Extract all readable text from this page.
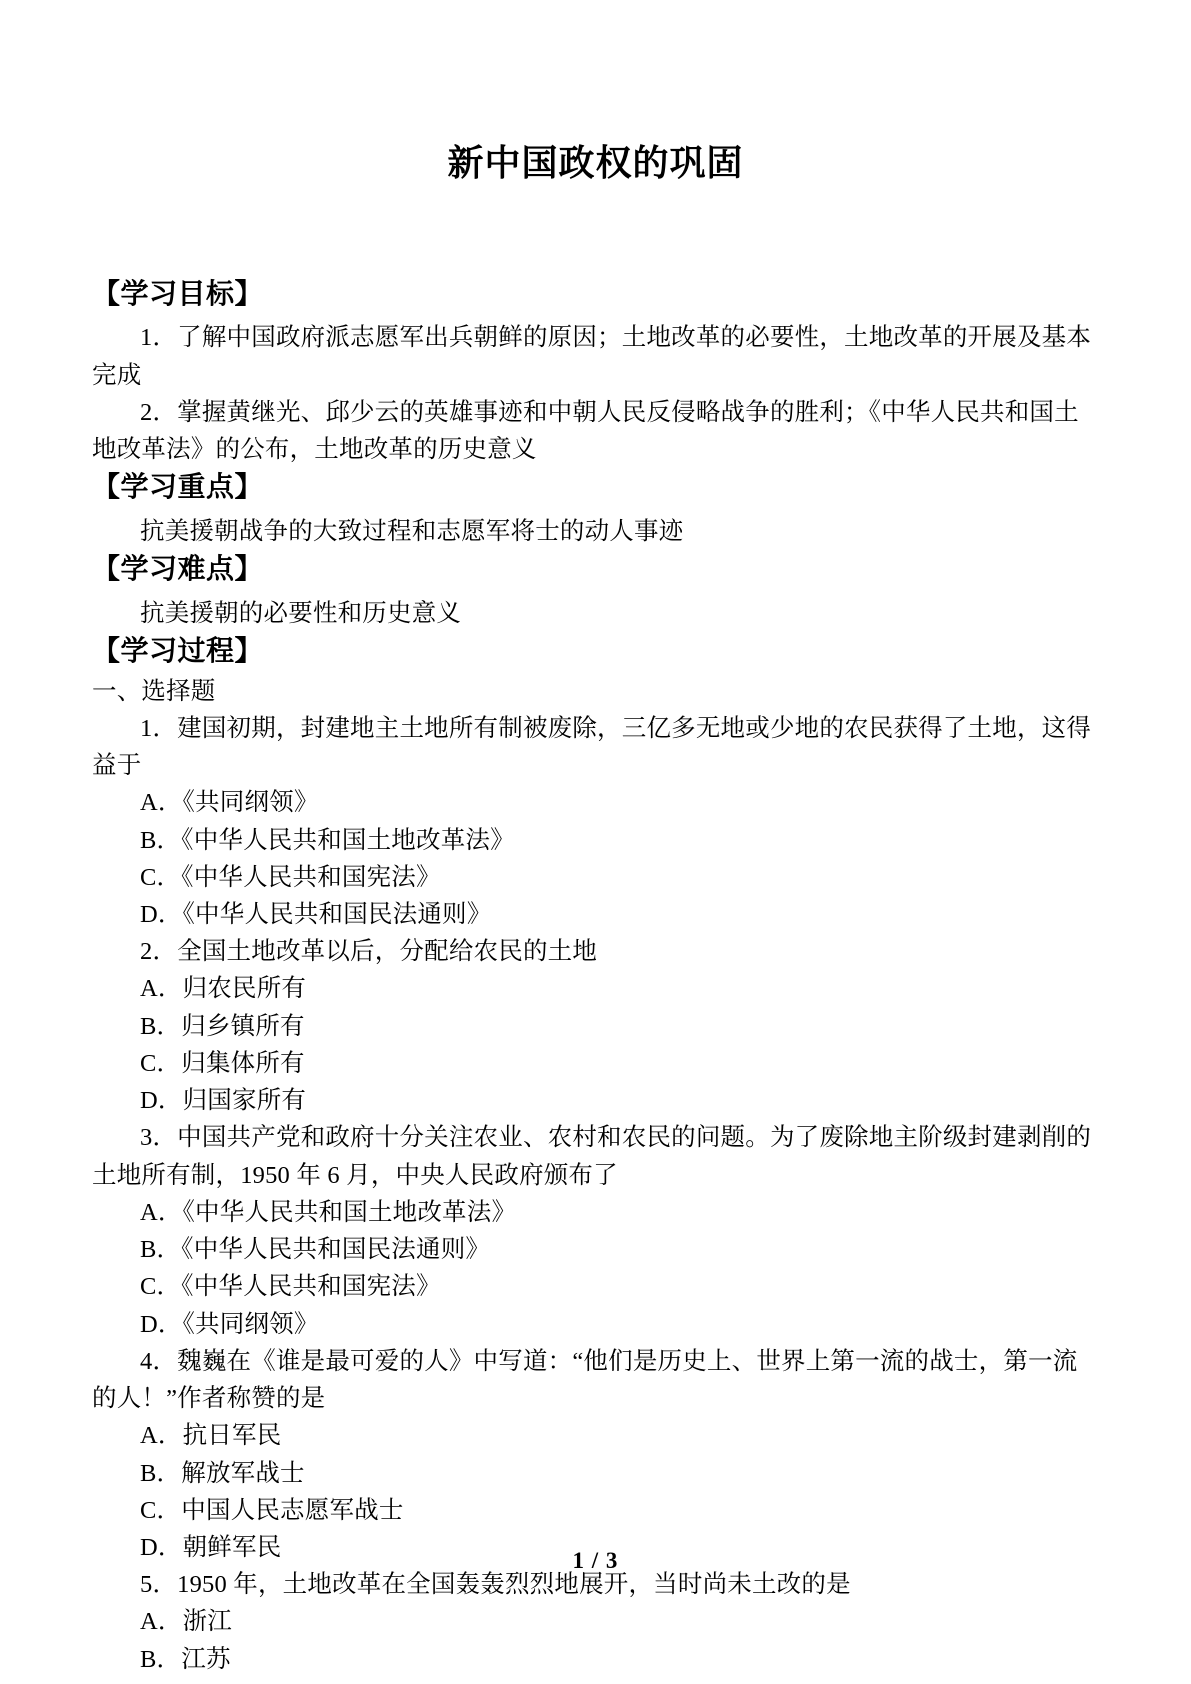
新中国政权的巩固
【学习目标】
1．了解中国政府派志愿军出兵朝鲜的原因；土地改革的必要性，土地改革的开展及基本完成
2．掌握黄继光、邱少云的英雄事迹和中朝人民反侵略战争的胜利；《中华人民共和国土地改革法》的公布，土地改革的历史意义
【学习重点】
抗美援朝战争的大致过程和志愿军将士的动人事迹
【学习难点】
抗美援朝的必要性和历史意义
【学习过程】
一、选择题
1．建国初期，封建地主土地所有制被废除，三亿多无地或少地的农民获得了土地，这得益于
A．《共同纲领》
B．《中华人民共和国土地改革法》
C．《中华人民共和国宪法》
D．《中华人民共和国民法通则》
2．全国土地改革以后，分配给农民的土地
A．归农民所有
B．归乡镇所有
C．归集体所有
D．归国家所有
3．中国共产党和政府十分关注农业、农村和农民的问题。为了废除地主阶级封建剥削的土地所有制，1950 年 6 月，中央人民政府颁布了
A．《中华人民共和国土地改革法》
B．《中华人民共和国民法通则》
C．《中华人民共和国宪法》
D．《共同纲领》
4．魏巍在《谁是最可爱的人》中写道：“他们是历史上、世界上第一流的战士，第一流的人！”作者称赞的是
A．抗日军民
B．解放军战士
C．中国人民志愿军战士
D．朝鲜军民
5．1950 年，土地改革在全国轰轰烈烈地展开，当时尚未土改的是
A．浙江
B．江苏
1 / 3
